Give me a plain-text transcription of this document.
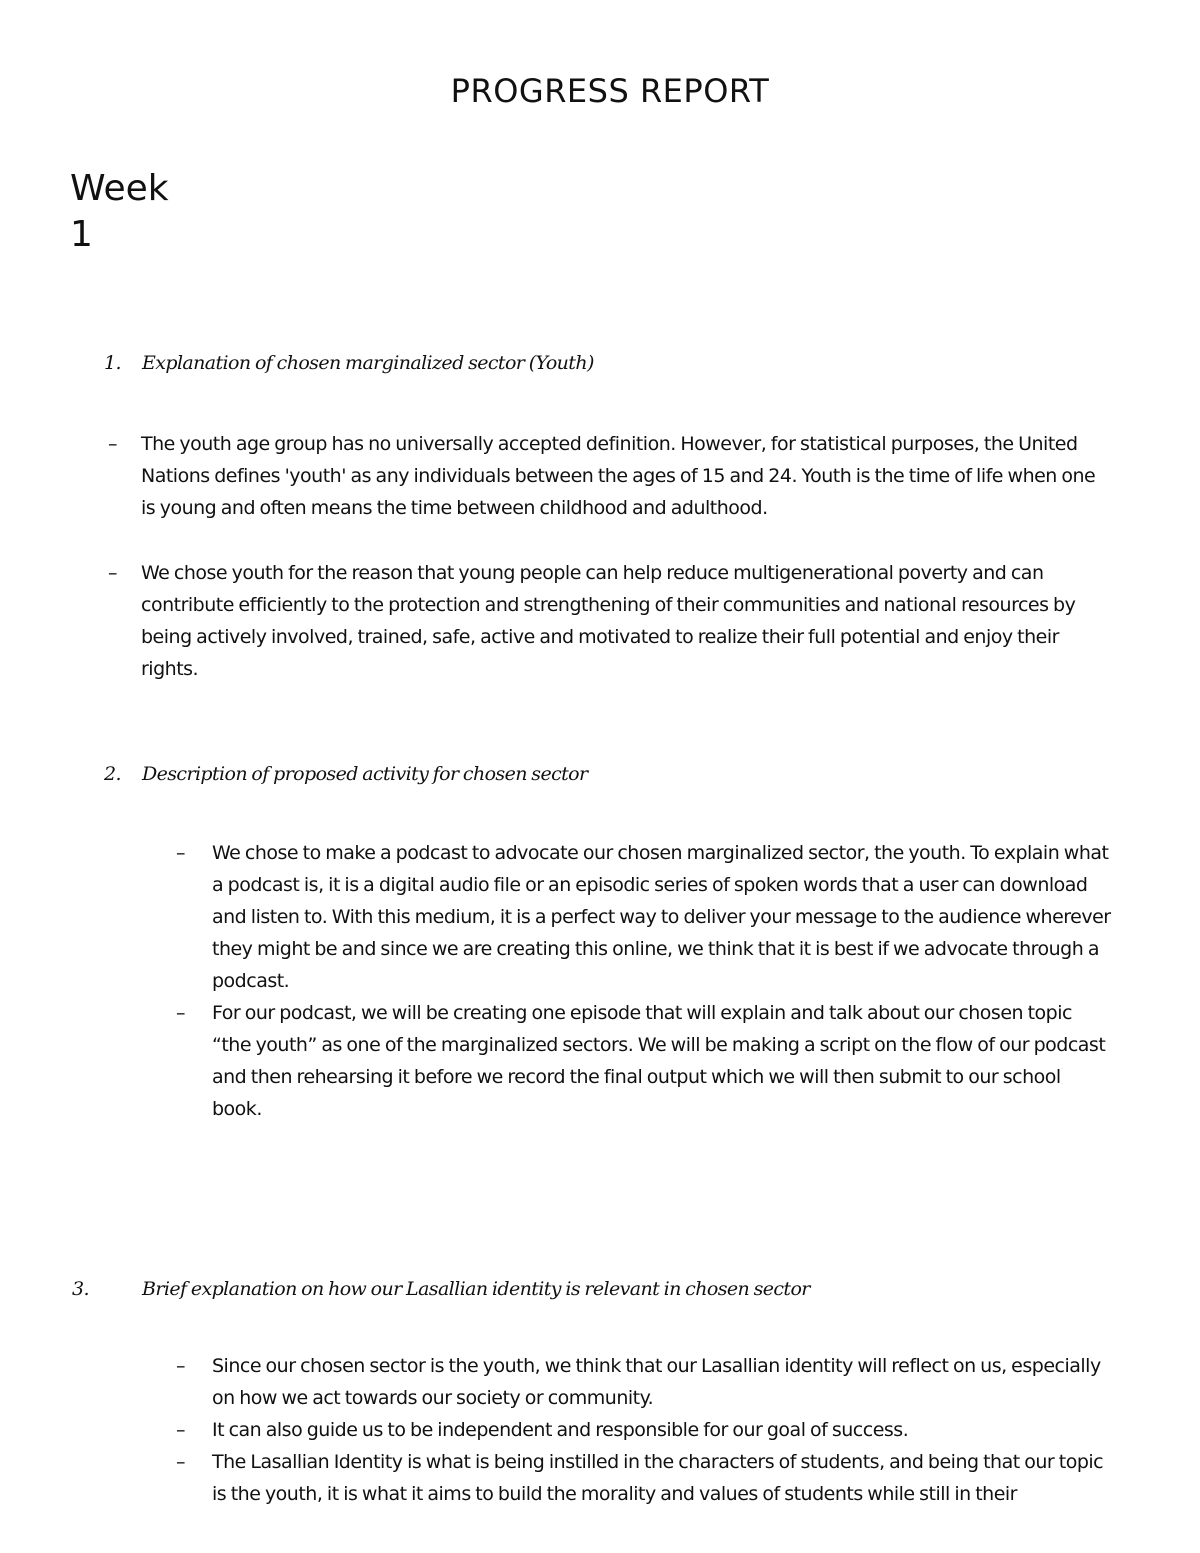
PROGRESS REPORT
Week
1
1. Explanation of chosen marginalized sector (Youth)
– The youth age group has no universally accepted definition. However, for statistical purposes, the United Nations defines 'youth' as any individuals between the ages of 15 and 24. Youth is the time of life when one is young and often means the time between childhood and adulthood.
– We chose youth for the reason that young people can help reduce multigenerational poverty and can contribute efficiently to the protection and strengthening of their communities and national resources by being actively involved, trained, safe, active and motivated to realize their full potential and enjoy their rights.
2. Description of proposed activity for chosen sector
– We chose to make a podcast to advocate our chosen marginalized sector, the youth. To explain what a podcast is, it is a digital audio file or an episodic series of spoken words that a user can download and listen to. With this medium, it is a perfect way to deliver your message to the audience wherever they might be and since we are creating this online, we think that it is best if we advocate through a podcast.
– For our podcast, we will be creating one episode that will explain and talk about our chosen topic “the youth” as one of the marginalized sectors. We will be making a script on the flow of our podcast and then rehearsing it before we record the final output which we will then submit to our school book.
3.	Brief explanation on how our Lasallian identity is relevant in chosen sector
– Since our chosen sector is the youth, we think that our Lasallian identity will reflect on us, especially on how we act towards our society or community.
– It can also guide us to be independent and responsible for our goal of success.
– The Lasallian Identity is what is being instilled in the characters of students, and being that our topic is the youth, it is what it aims to build the morality and values of students while still in their
